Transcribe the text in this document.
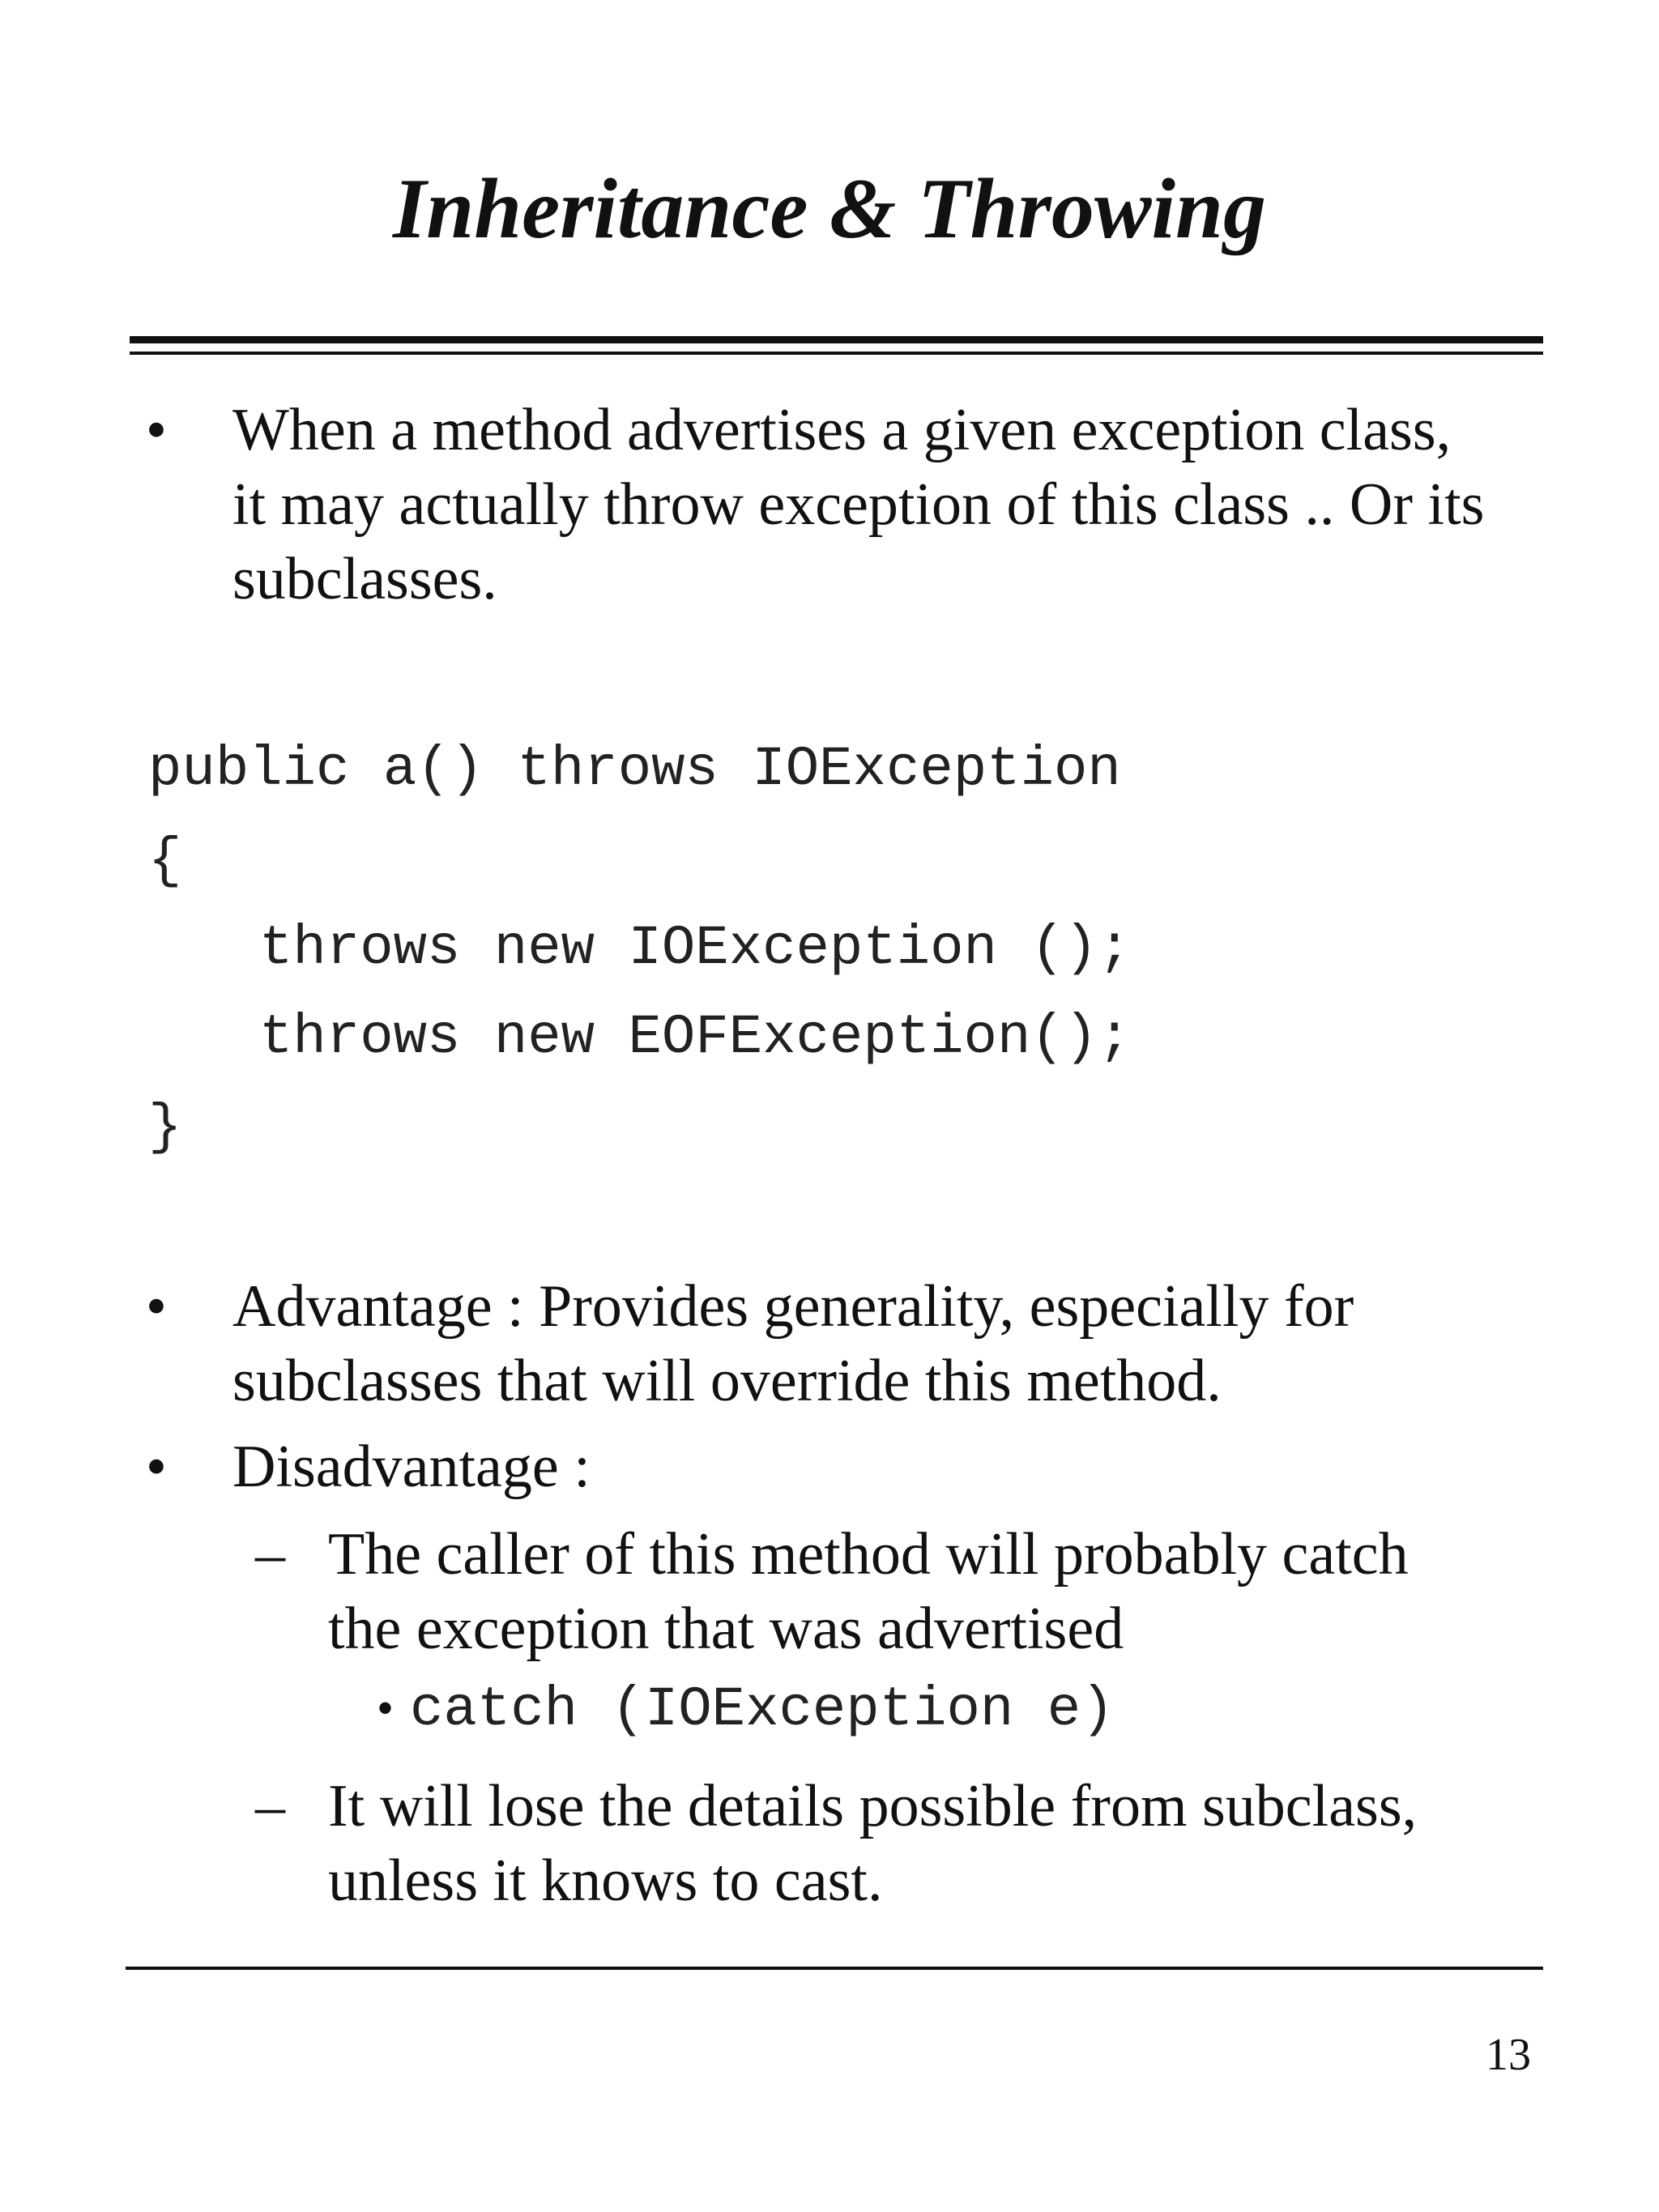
Inheritance & Throwing
•	When a method advertises a given exception class,
it may actually throw exception of this class .. Or its
subclasses.
public a() throws IOException
{
throws new IOException ();
throws new EOFException();
}
•	Advantage : Provides generality, especially for
subclasses that will override this method.
•	Disadvantage :
– The caller of this method will probably catch
the exception that was advertised
• catch (IOException e)
– It will lose the details possible from subclass,
unless it knows to cast.
13
